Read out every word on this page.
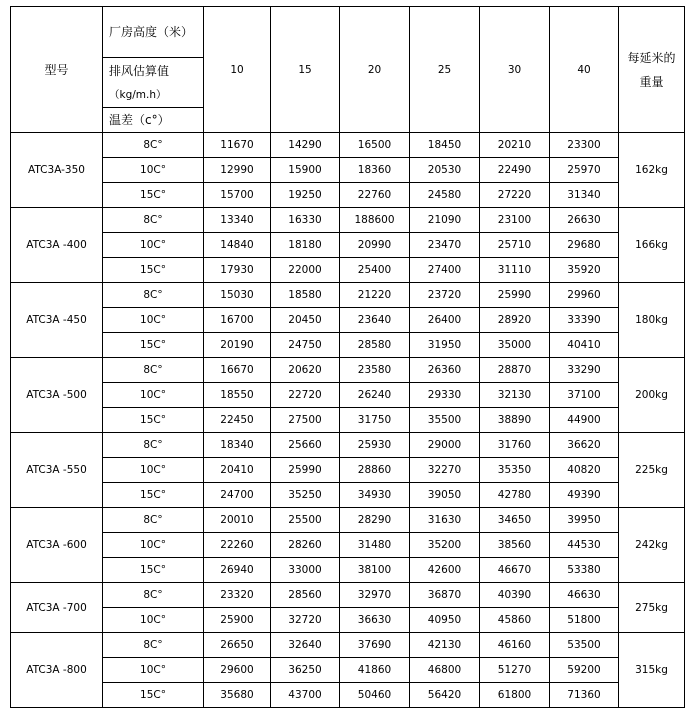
型号	厂房高度（米）	10	15	20	25	30	40	每延米的
重量

	排风估算值							
	（kg/m.h）							
	温差（c°）							
ATC3A-350	8C°	11670	14290	16500	18450	20210	23300	162kg
	10C°	12990	15900	18360	20530	22490	25970	
	15C°	15700	19250	22760	24580	27220	31340	
ATC3A -400	8C°	13340	16330	188600	21090	23100	26630	166kg
	10C°	14840	18180	20990	23470	25710	29680	
	15C°	17930	22000	25400	27400	31110	35920	
ATC3A -450	8C°	15030	18580	21220	23720	25990	29960	180kg
	10C°	16700	20450	23640	26400	28920	33390	
	15C°	20190	24750	28580	31950	35000	40410	
ATC3A -500	8C°	16670	20620	23580	26360	28870	33290	200kg
	10C°	18550	22720	26240	29330	32130	37100	
	15C°	22450	27500	31750	35500	38890	44900	
ATC3A -550	8C°	18340	25660	25930	29000	31760	36620	225kg
	10C°	20410	25990	28860	32270	35350	40820	
	15C°	24700	35250	34930	39050	42780	49390	
ATC3A -600	8C°	20010	25500	28290	31630	34650	39950	242kg
	10C°	22260	28260	31480	35200	38560	44530	
	15C°	26940	33000	38100	42600	46670	53380	
ATC3A -700	8C°	23320	28560	32970	36870	40390	46630	275kg
	10C°	25900	32720	36630	40950	45860	51800	
ATC3A -800	8C°	26650	32640	37690	42130	46160	53500	315kg
	10C°	29600	36250	41860	46800	51270	59200	
	15C°	35680	43700	50460	56420	61800	71360	
